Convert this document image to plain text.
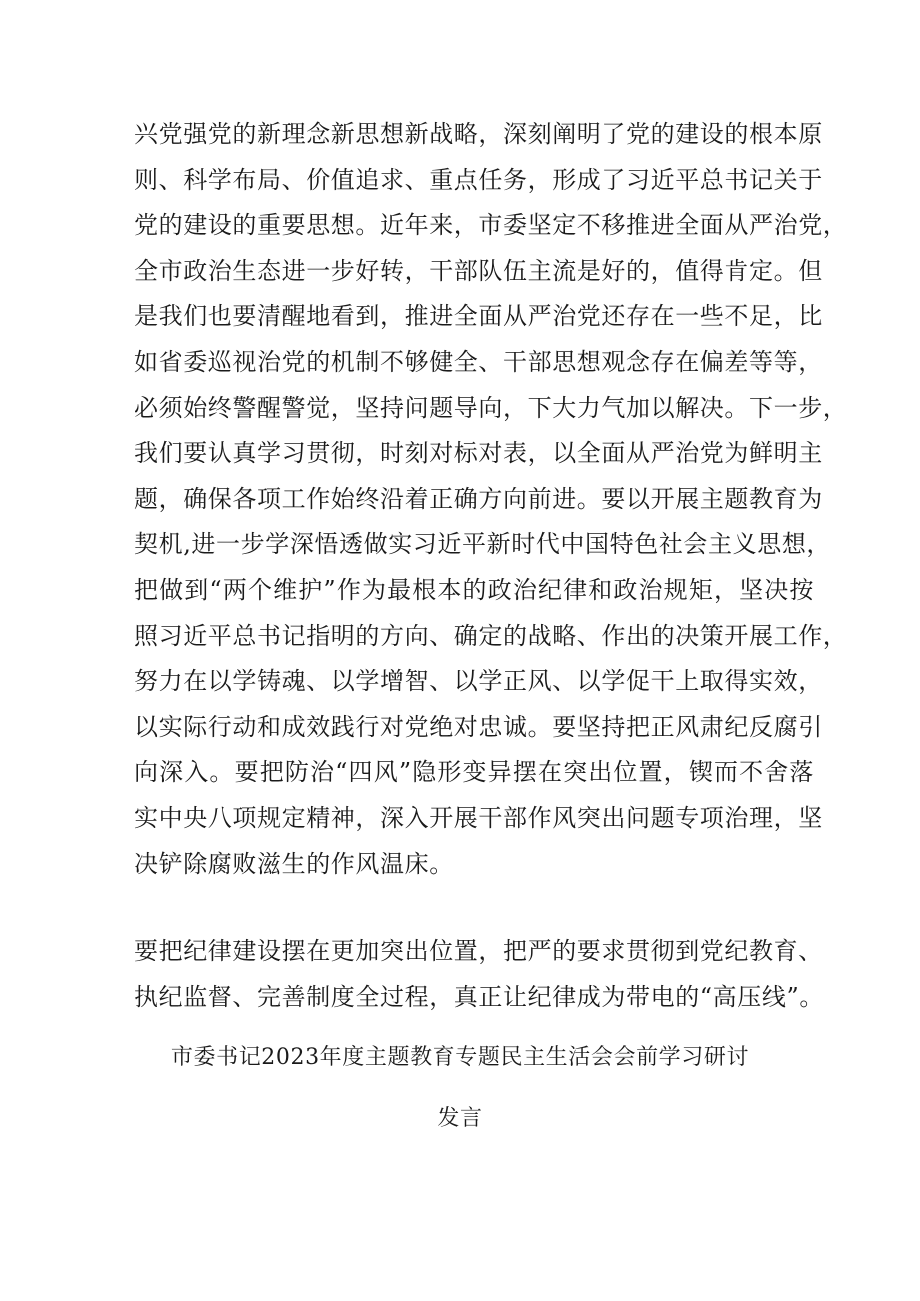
兴党强党的新理念新思想新战略，深刻阐明了党的建设的根本原
则、科学布局、价值追求、重点任务，形成了习近平总书记关于
党的建设的重要思想。近年来，市委坚定不移推进全面从严治党，
全市政治生态进一步好转，干部队伍主流是好的，值得肯定。但
是我们也要清醒地看到，推进全面从严治党还存在一些不足，比
如省委巡视治党的机制不够健全、干部思想观念存在偏差等等，
必须始终警醒警觉，坚持问题导向，下大力气加以解决。下一步，
我们要认真学习贯彻，时刻对标对表，以全面从严治党为鲜明主
题，确保各项工作始终沿着正确方向前进。要以开展主题教育为
契机,进一步学深悟透做实习近平新时代中国特色社会主义思想，
把做到“两个维护”作为最根本的政治纪律和政治规矩，坚决按
照习近平总书记指明的方向、确定的战略、作出的决策开展工作，
努力在以学铸魂、以学增智、以学正风、以学促干上取得实效，
以实际行动和成效践行对党绝对忠诚。要坚持把正风肃纪反腐引
向深入。要把防治“四风”隐形变异摆在突出位置，锲而不舍落
实中央八项规定精神，深入开展干部作风突出问题专项治理，坚
决铲除腐败滋生的作风温床。
要把纪律建设摆在更加突出位置，把严的要求贯彻到党纪教育、
执纪监督、完善制度全过程，真正让纪律成为带电的“高压线”。
市委书记2023年度主题教育专题民主生活会会前学习研讨
发言
